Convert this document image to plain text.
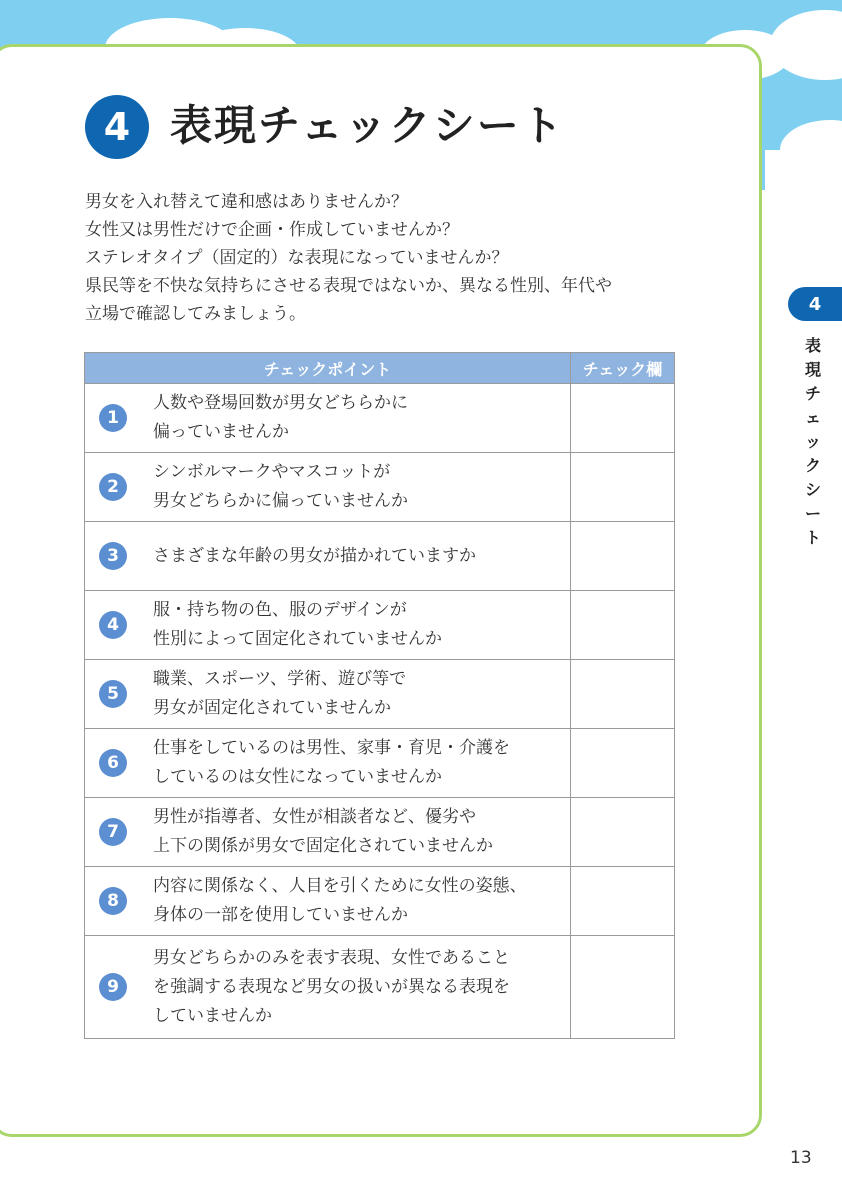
4 表現チェックシート
男女を入れ替えて違和感はありませんか？
女性又は男性だけで企画・作成していませんか？
ステレオタイプ（固定的）な表現になっていませんか？
県民等を不快な気持ちにさせる表現ではないか、異なる性別、年代や
立場で確認してみましょう。
チェックポイント	チェック欄

1
人数や登場回数が男女どちらかに
偏っていませんか	

2
シンボルマークやマスコットが
男女どちらかに偏っていませんか	

3 さまざまな年齢の男女が描かれていますか	

4
服・持ち物の色、服のデザインが
性別によって固定化されていませんか	

5
職業、スポーツ、学術、遊び等で
男女が固定化されていませんか	

6
仕事をしているのは男性、家事・育児・介護を
しているのは女性になっていませんか	

7
男性が指導者、女性が相談者など、優劣や
上下の関係が男女で固定化されていませんか	

8
内容に関係なく、人目を引くために女性の姿態、
身体の一部を使用していませんか	

9
男女どちらかのみを表す表現、女性であること
を強調する表現など男女の扱いが異なる表現を
していませんか	

4
表現チェックシート
13
